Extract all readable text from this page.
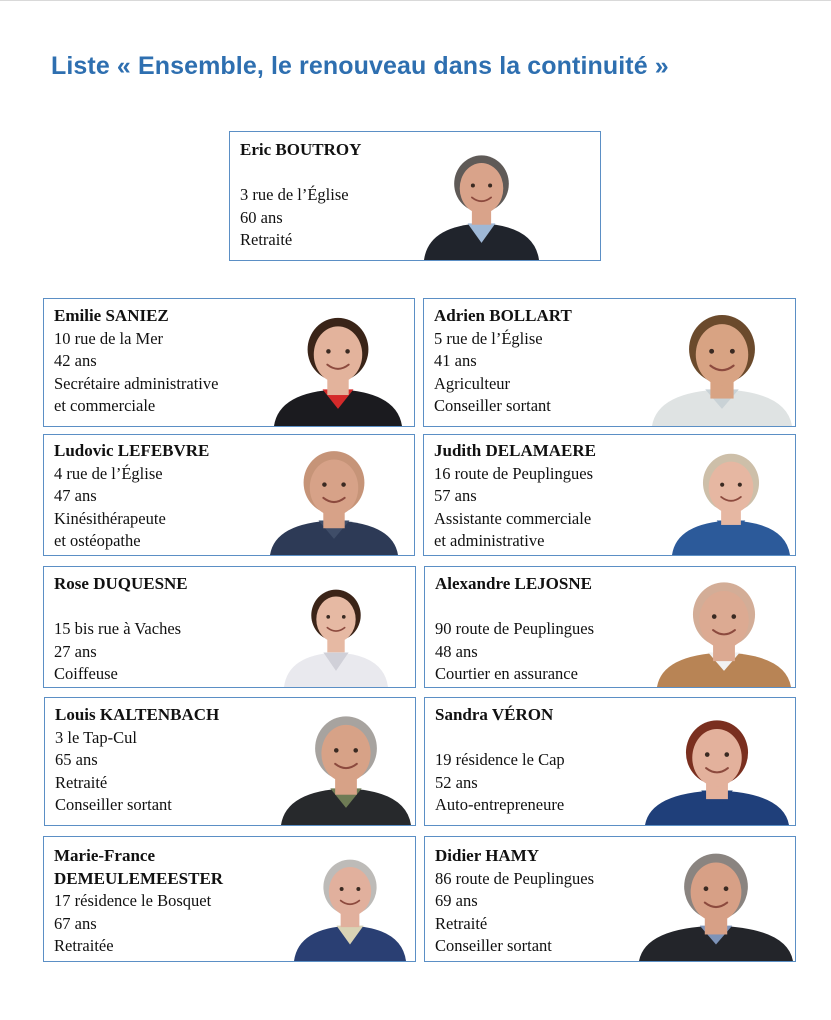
Liste « Ensemble, le renouveau dans la continuité »
Eric BOUTROY
3 rue de l’Église
60 ans
Retraité
Emilie SANIEZ
10 rue de la Mer
42 ans
Secrétaire administrative
et commerciale
Adrien BOLLART
5 rue de l’Église
41 ans
Agriculteur
Conseiller sortant
Ludovic LEFEBVRE
4 rue de l’Église
47 ans
Kinésithérapeute
et ostéopathe
Judith DELAMAERE
16 route de Peuplingues
57 ans
Assistante commerciale
et administrative
Rose DUQUESNE
15 bis rue à Vaches
27 ans
Coiffeuse
Alexandre LEJOSNE
90 route de Peuplingues
48 ans
Courtier en assurance
Louis KALTENBACH
3 le Tap-Cul
65 ans
Retraité
Conseiller sortant
Sandra VÉRON
19 résidence le Cap
52 ans
Auto-entrepreneure
Marie-France
DEMEULEMEESTER
17 résidence le Bosquet
67 ans
Retraitée
Didier HAMY
86 route de Peuplingues
69 ans
Retraité
Conseiller sortant
